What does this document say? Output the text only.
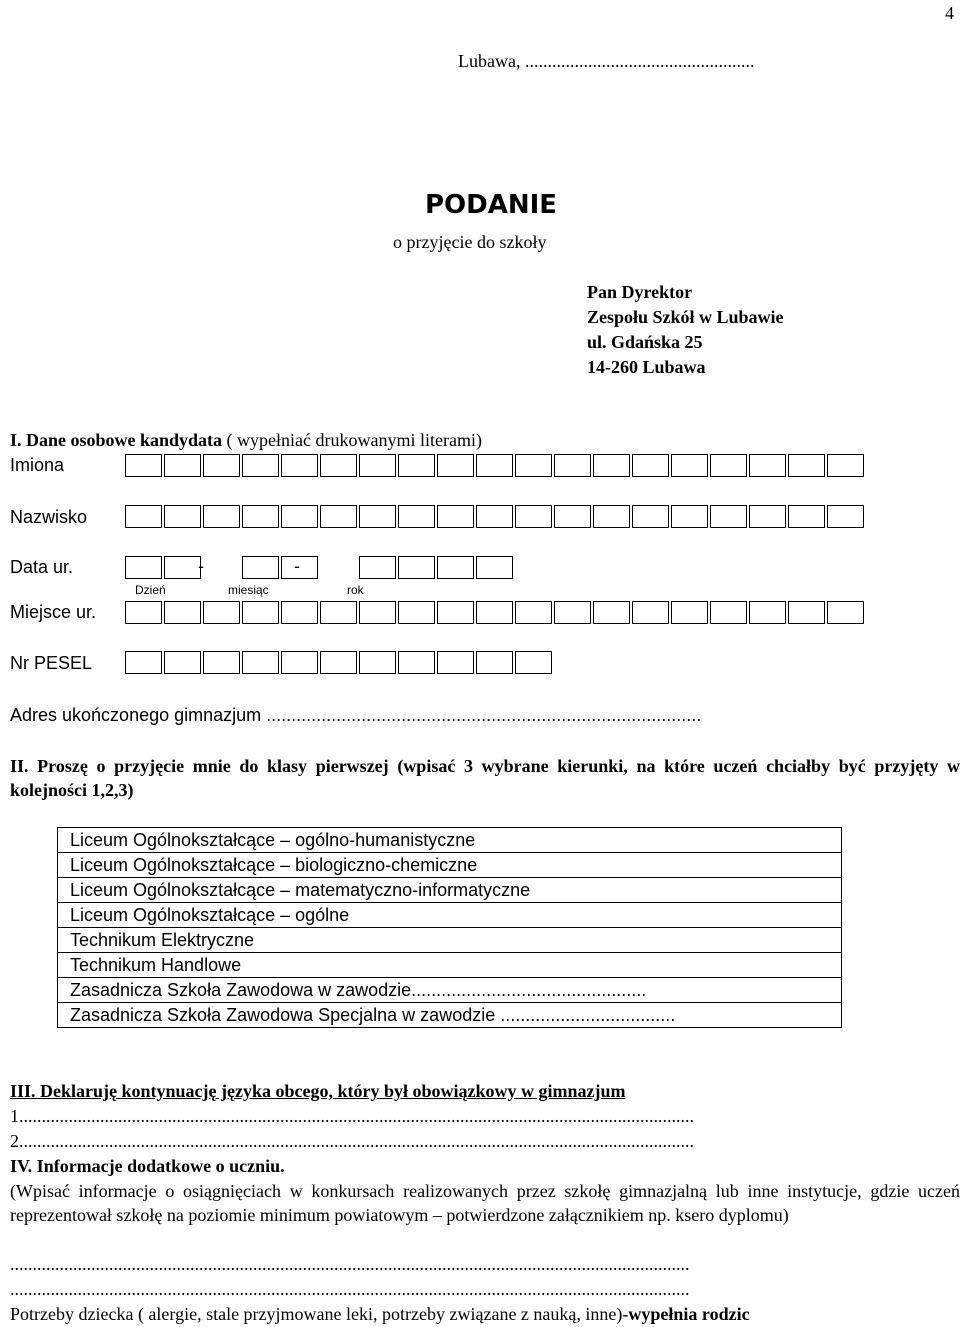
4
Lubawa, ...................................................
PODANIE
o przyjęcie do szkoły
Pan Dyrektor
Zespołu Szkół w Lubawie
ul. Gdańska 25
14-260 Lubawa
I. Dane osobowe kandydata ( wypełniać drukowanymi literami)
Imiona
Nazwisko
Data ur.	-	-
Dzień	miesiąc	rok
Miejsce ur.
Nr PESEL
Adres ukończonego gimnazjum .......................................................................................
II. Proszę o przyjęcie mnie do klasy pierwszej (wpisać 3 wybrane kierunki, na które uczeń chciałby być przyjęty w kolejności 1,2,3)
Liceum Ogólnokształcące – ogólno-humanistyczne
Liceum Ogólnokształcące – biologiczno-chemiczne
Liceum Ogólnokształcące – matematyczno-informatyczne
Liceum Ogólnokształcące – ogólne
Technikum Elektryczne
Technikum Handlowe
Zasadnicza Szkoła Zawodowa w zawodzie...............................................
Zasadnicza Szkoła Zawodowa Specjalna w zawodzie ...................................
III. Deklaruję kontynuację języka obcego, który był obowiązkowy w gimnazjum
1......................................................................................................................................................
2......................................................................................................................................................
IV. Informacje dodatkowe o uczniu.
(Wpisać informacje o osiągnięciach w konkursach realizowanych przez szkołę gimnazjalną lub inne instytucje, gdzie uczeń reprezentował szkołę na poziomie minimum powiatowym – potwierdzone załącznikiem np. ksero dyplomu)
.......................................................................................................................................................
.......................................................................................................................................................
Potrzeby dziecka ( alergie, stale przyjmowane leki, potrzeby związane z nauką, inne)-wypełnia rodzic
